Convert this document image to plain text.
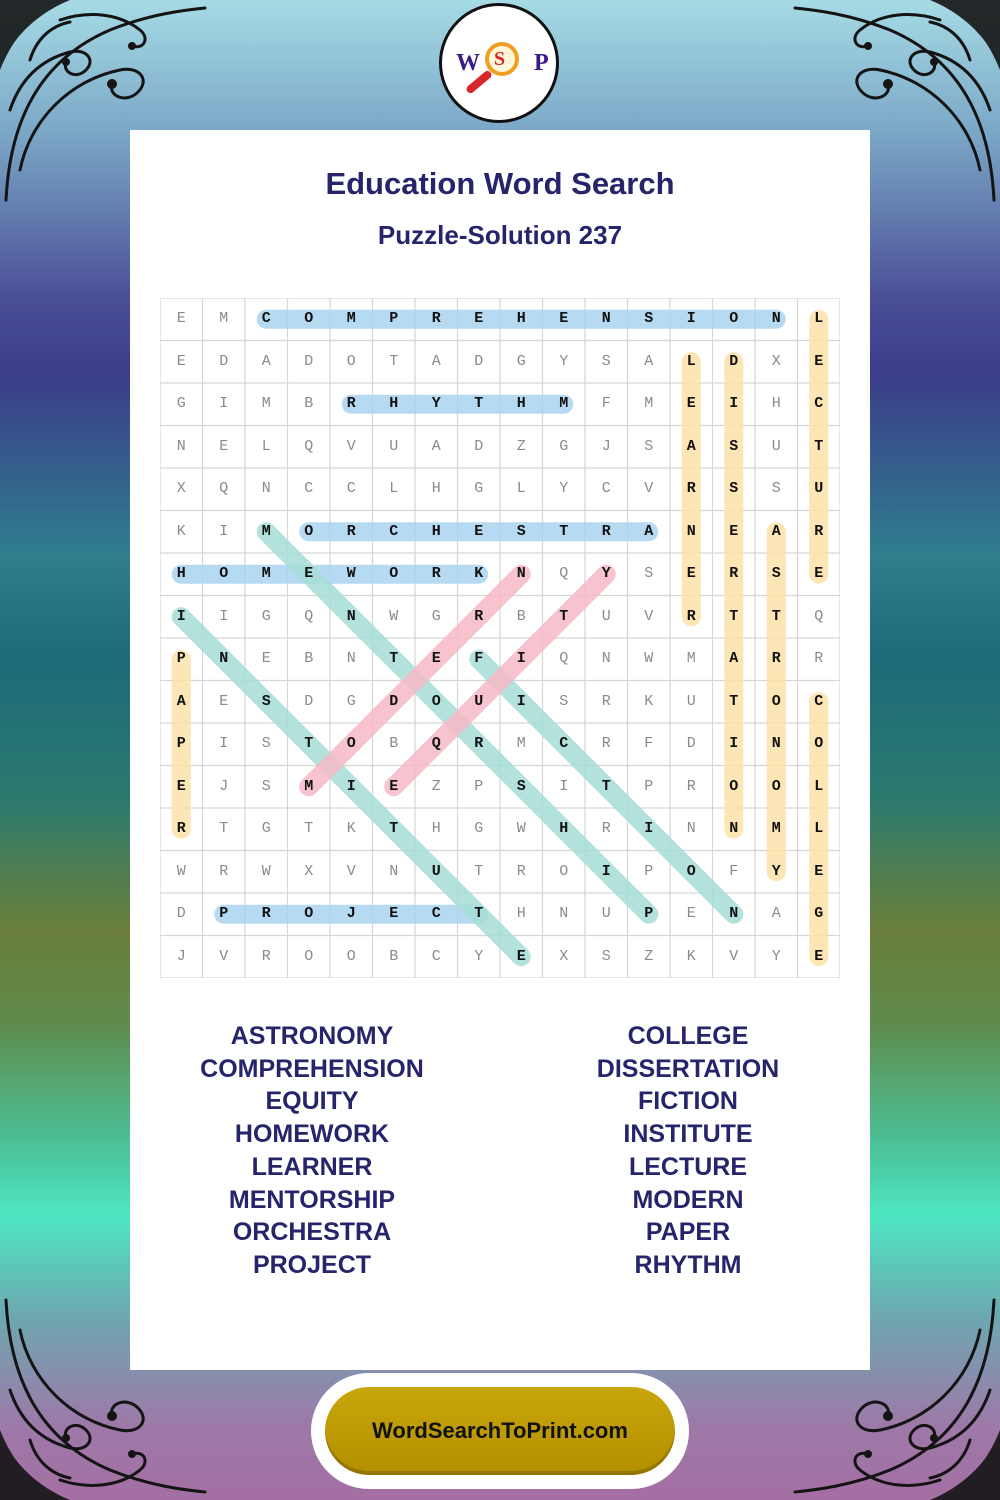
W S P
Education Word Search
Puzzle-Solution 237
E	M	C	O	M	P	R	E	H	E	N	S	I	O	N	L
E	D	A	D	O	T	A	D	G	Y	S	A	L	D	X	E
G	I	M	B	R	H	Y	T	H	M	F	M	E	I	H	C
N	E	L	Q	V	U	A	D	Z	G	J	S	A	S	U	T
X	Q	N	C	C	L	H	G	L	Y	C	V	R	S	S	U
K	I	M	O	R	C	H	E	S	T	R	A	N	E	A	R
H	O	M	E	W	O	R	K	N	Q	Y	S	E	R	S	E
I	I	G	Q	N	W	G	R	B	T	U	V	R	T	T	Q
P	N	E	B	N	T	E	F	I	Q	N	W	M	A	R	R
A	E	S	D	G	D	O	U	I	S	R	K	U	T	O	C
P	I	S	T	O	B	Q	R	M	C	R	F	D	I	N	O
E	J	S	M	I	E	Z	P	S	I	T	P	R	O	O	L
R	T	G	T	K	T	H	G	W	H	R	I	N	N	M	L
W	R	W	X	V	N	U	T	R	O	I	P	O	F	Y	E
D	P	R	O	J	E	C	T	H	N	U	P	E	N	A	G
J	V	R	O	O	B	C	Y	E	X	S	Z	K	V	Y	E
ASTRONOMY
COMPREHENSION
EQUITY
HOMEWORK
LEARNER
MENTORSHIP
ORCHESTRA
PROJECT
COLLEGE
DISSERTATION
FICTION
INSTITUTE
LECTURE
MODERN
PAPER
RHYTHM
WordSearchToPrint.com
